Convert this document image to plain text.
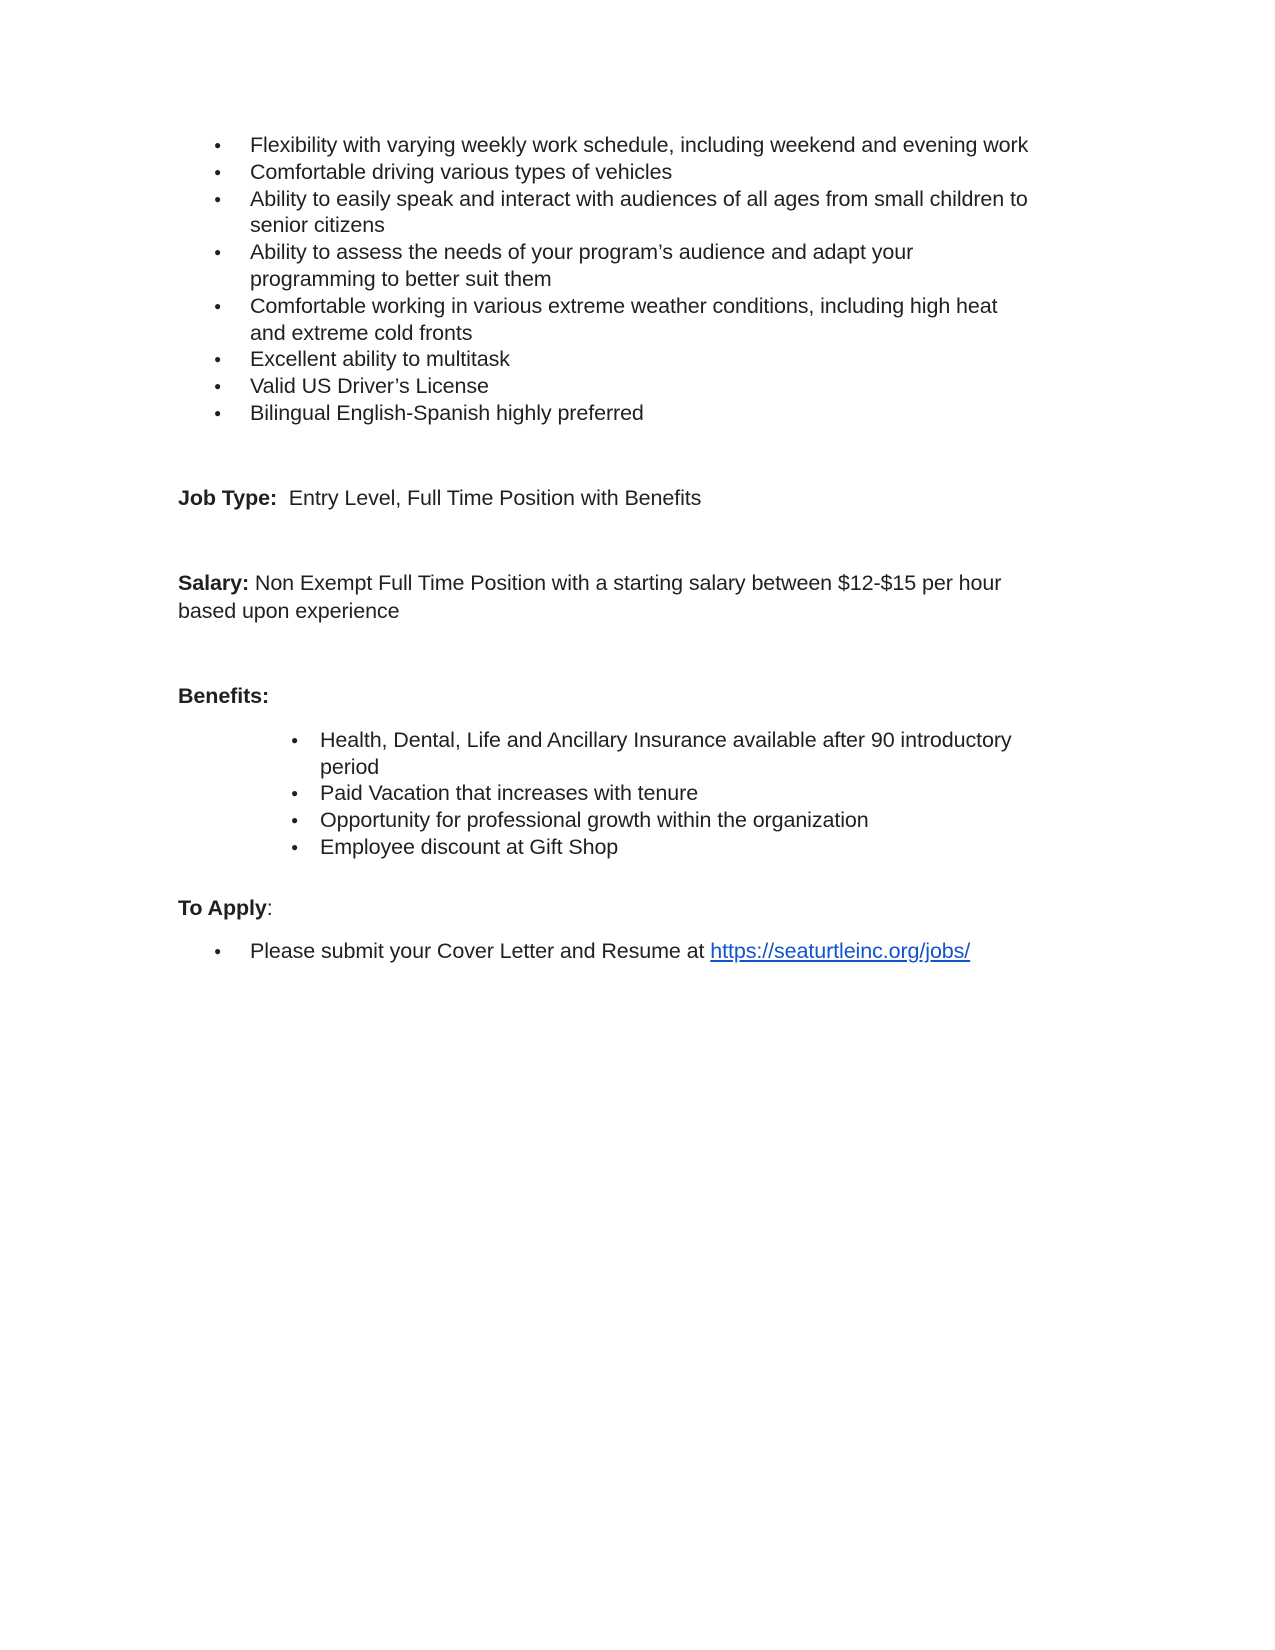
● Flexibility with varying weekly work schedule, including weekend and evening work
● Comfortable driving various types of vehicles
● Ability to easily speak and interact with audiences of all ages from small children to senior citizens
● Ability to assess the needs of your program’s audience and adapt your programming to better suit them
● Comfortable working in various extreme weather conditions, including high heat and extreme cold fronts
● Excellent ability to multitask
● Valid US Driver’s License
● Bilingual English-Spanish highly preferred
Job Type: Entry Level, Full Time Position with Benefits
Salary: Non Exempt Full Time Position with a starting salary between $12-$15 per hour based upon experience
Benefits:
● Health, Dental, Life and Ancillary Insurance available after 90 introductory period
● Paid Vacation that increases with tenure
● Opportunity for professional growth within the organization
● Employee discount at Gift Shop
To Apply:
● Please submit your Cover Letter and Resume at https://seaturtleinc.org/jobs/
